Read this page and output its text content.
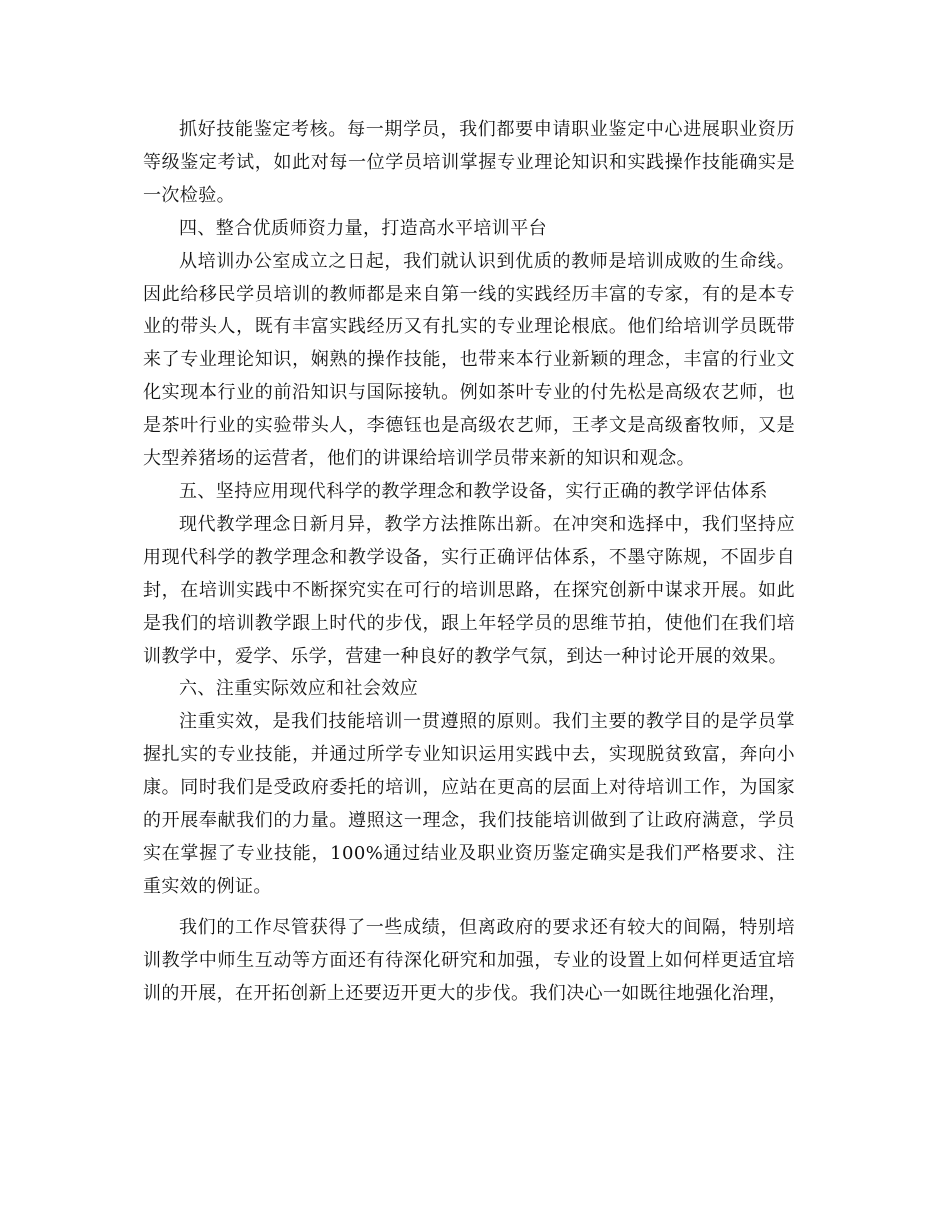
抓好技能鉴定考核。每一期学员，我们都要申请职业鉴定中心进展职业资历等级鉴定考试，如此对每一位学员培训掌握专业理论知识和实践操作技能确实是一次检验。

四、整合优质师资力量，打造高水平培训平台

从培训办公室成立之日起，我们就认识到优质的教师是培训成败的生命线。因此给移民学员培训的教师都是来自第一线的实践经历丰富的专家，有的是本专业的带头人，既有丰富实践经历又有扎实的专业理论根底。他们给培训学员既带来了专业理论知识，娴熟的操作技能，也带来本行业新颖的理念，丰富的行业文化实现本行业的前沿知识与国际接轨。例如茶叶专业的付先松是高级农艺师，也是茶叶行业的实验带头人，李德钰也是高级农艺师，王孝文是高级畜牧师，又是大型养猪场的运营者，他们的讲课给培训学员带来新的知识和观念。

五、坚持应用现代科学的教学理念和教学设备，实行正确的教学评估体系

现代教学理念日新月异，教学方法推陈出新。在冲突和选择中，我们坚持应用现代科学的教学理念和教学设备，实行正确评估体系，不墨守陈规，不固步自封，在培训实践中不断探究实在可行的培训思路，在探究创新中谋求开展。如此是我们的培训教学跟上时代的步伐，跟上年轻学员的思维节拍，使他们在我们培训教学中，爱学、乐学，营建一种良好的教学气氛，到达一种讨论开展的效果。

六、注重实际效应和社会效应

注重实效，是我们技能培训一贯遵照的原则。我们主要的教学目的是学员掌握扎实的专业技能，并通过所学专业知识运用实践中去，实现脱贫致富，奔向小康。同时我们是受政府委托的培训，应站在更高的层面上对待培训工作，为国家的开展奉献我们的力量。遵照这一理念，我们技能培训做到了让政府满意，学员实在掌握了专业技能，100%通过结业及职业资历鉴定确实是我们严格要求、注重实效的例证。

我们的工作尽管获得了一些成绩，但离政府的要求还有较大的间隔，特别培训教学中师生互动等方面还有待深化研究和加强，专业的设置上如何样更适宜培训的开展，在开拓创新上还要迈开更大的步伐。我们决心一如既往地强化治理，
